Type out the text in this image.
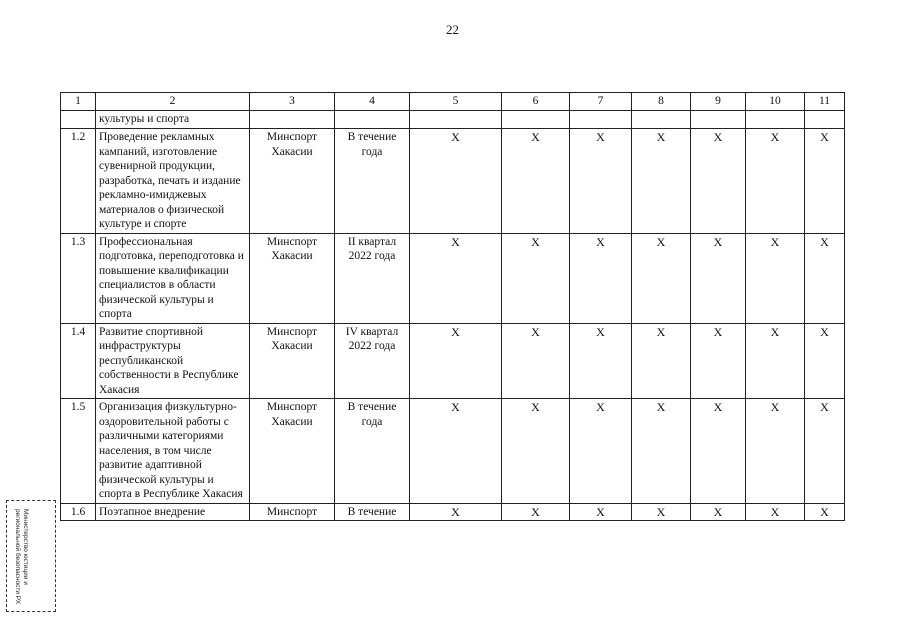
22
1	2	3	4	5	6	7	8	9	10	11
	культуры и спорта									
1.2	Проведение рекламных кампаний, изготовление сувенирной продукции, разработка, печать и издание рекламно-имиджевых материалов о физической культуре и спорте	Минспорт Хакасии	В течение года	X	X	X	X	X	X	X
1.3	Профессиональная подготовка, переподготовка и повышение квалификации специалистов в области физической культуры и спорта	Минспорт Хакасии	II квартал 2022 года	X	X	X	X	X	X	X
1.4	Развитие спортивной инфраструктуры республиканской собственности в Республике Хакасия	Минспорт Хакасии	IV квартал 2022 года	X	X	X	X	X	X	X
1.5	Организация физкультурно-оздоровительной работы с различными категориями населения, в том числе развитие адаптивной физической культуры и спорта в Республике Хакасия	Минспорт Хакасии	В течение года	X	X	X	X	X	X	X
1.6	Поэтапное внедрение	Минспорт	В течение	X	X	X	X	X	X	X
Министерство юстиции и региональной безопасности РХ
